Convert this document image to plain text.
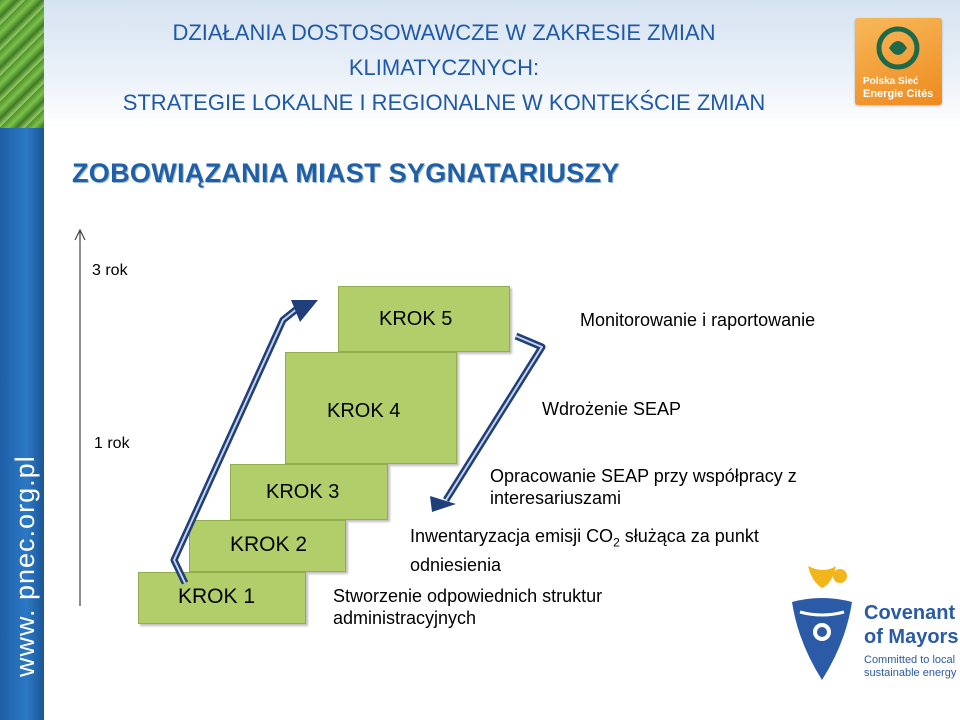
DZIAŁANIA DOSTOSOWAWCZE W ZAKRESIE ZMIAN
KLIMATYCZNYCH:
STRATEGIE LOKALNE I REGIONALNE W KONTEKŚCIE ZMIAN
Polska Sieć
Energie Cités
www. pnec.org.pl
ZOBOWIĄZANIA MIAST SYGNATARIUSZY
3 rok
1 rok
KROK 5
KROK 4
KROK 3
KROK 2
KROK 1
Monitorowanie i raportowanie
Wdrożenie SEAP
Opracowanie SEAP przy współpracy z interesariuszami
Inwentaryzacja emisji $CO_2$ służąca za punkt odniesienia
Stworzenie odpowiednich struktur administracyjnych	Covenant
of Mayors
Committed to local
sustainable energy
